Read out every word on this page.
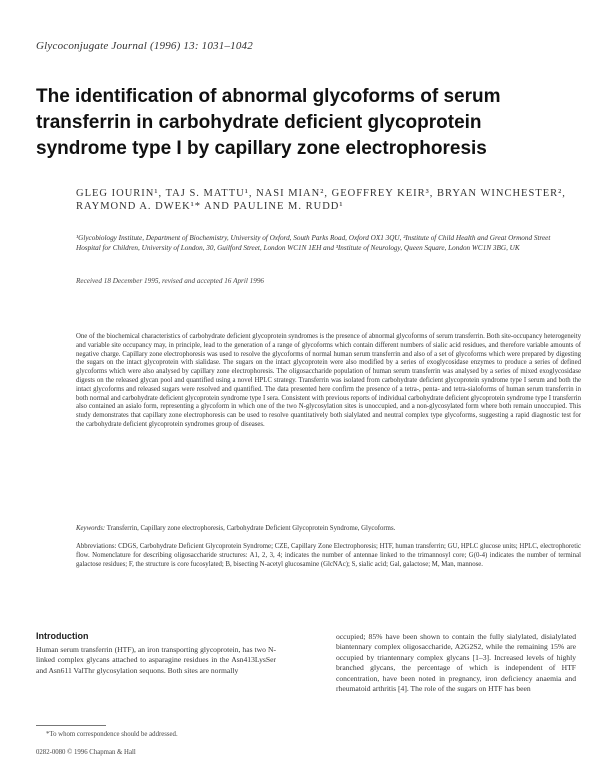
Glycoconjugate Journal (1996) 13: 1031–1042
The identification of abnormal glycoforms of serum transferrin in carbohydrate deficient glycoprotein syndrome type I by capillary zone electrophoresis
GLEG IOURIN¹, TAJ S. MATTU¹, NASI MIAN², GEOFFREY KEIR³, BRYAN WINCHESTER², RAYMOND A. DWEK¹* AND PAULINE M. RUDD¹
¹Glycobiology Institute, Department of Biochemistry, University of Oxford, South Parks Road, Oxford OX1 3QU, ²Institute of Child Health and Great Ormond Street Hospital for Children, University of London, 30, Guilford Street, London WC1N 1EH and ³Institute of Neurology, Queen Square, London WC1N 3BG, UK
Received 18 December 1995, revised and accepted 16 April 1996
One of the biochemical characteristics of carbohydrate deficient glycoprotein syndromes is the presence of abnormal glycoforms of serum transferrin. Both site-occupancy heterogeneity and variable site occupancy may, in principle, lead to the generation of a range of glycoforms which contain different numbers of sialic acid residues, and therefore variable amounts of negative charge. Capillary zone electrophoresis was used to resolve the glycoforms of normal human serum transferrin and also of a set of glycoforms which were prepared by digesting the sugars on the intact glycoprotein with sialidase. The sugars on the intact glycoprotein were also modified by a series of exoglycosidase enzymes to produce a series of defined glycoforms which were also analysed by capillary zone electrophoresis. The oligosaccharide population of human serum transferrin was analysed by a series of mixed exoglycosidase digests on the released glycan pool and quantified using a novel HPLC strategy. Transferrin was isolated from carbohydrate deficient glycoprotein syndrome type I serum and both the intact glycoforms and released sugars were resolved and quantified. The data presented here confirm the presence of a tetra-, penta- and tetra-sialoforms of human serum transferrin in both normal and carbohydrate deficient glycoprotein syndrome type I sera. Consistent with previous reports of individual carbohydrate deficient glycoprotein syndrome type I transferrin also contained an asialo form, representing a glycoform in which one of the two N-glycosylation sites is unoccupied, and a non-glycosylated form where both remain unoccupied. This study demonstrates that capillary zone electrophoresis can be used to resolve quantitatively both sialylated and neutral complex type glycoforms, suggesting a rapid diagnostic test for the carbohydrate deficient glycoprotein syndromes group of diseases.
Keywords: Transferrin, Capillary zone electrophoresis, Carbohydrate Deficient Glycoprotein Syndrome, Glycoforms.
Abbreviations: CDGS, Carbohydrate Deficient Glycoprotein Syndrome; CZE, Capillary Zone Electrophoresis; HTF, human transferrin; GU, HPLC glucose units; HPLC, electrophoretic flow. Nomenclature for describing oligosaccharide structures: A1, 2, 3, 4; indicates the number of antennae linked to the trimannosyl core; G(0-4) indicates the number of terminal galactose residues; F, the structure is core fucosylated; B, bisecting N-acetyl glucosamine (GlcNAc); S, sialic acid; Gal, galactose; M, Man, mannose.
Introduction
Human serum transferrin (HTF), an iron transporting glycoprotein, has two N-linked complex glycans attached to asparagine residues in the Asn413LysSer and Asn611 ValThr glycosylation sequons. Both sites are normally
occupied; 85% have been shown to contain the fully sialylated, disialylated biantennary complex oligosaccharide, A2G2S2, while the remaining 15% are occupied by triantennary complex glycans [1–3]. Increased levels of highly branched glycans, the percentage of which is independent of HTF concentration, have been noted in pregnancy, iron deficiency anaemia and rheumatoid arthritis [4]. The role of the sugars on HTF has been
*To whom correspondence should be addressed.
0282-0080 © 1996 Chapman & Hall
